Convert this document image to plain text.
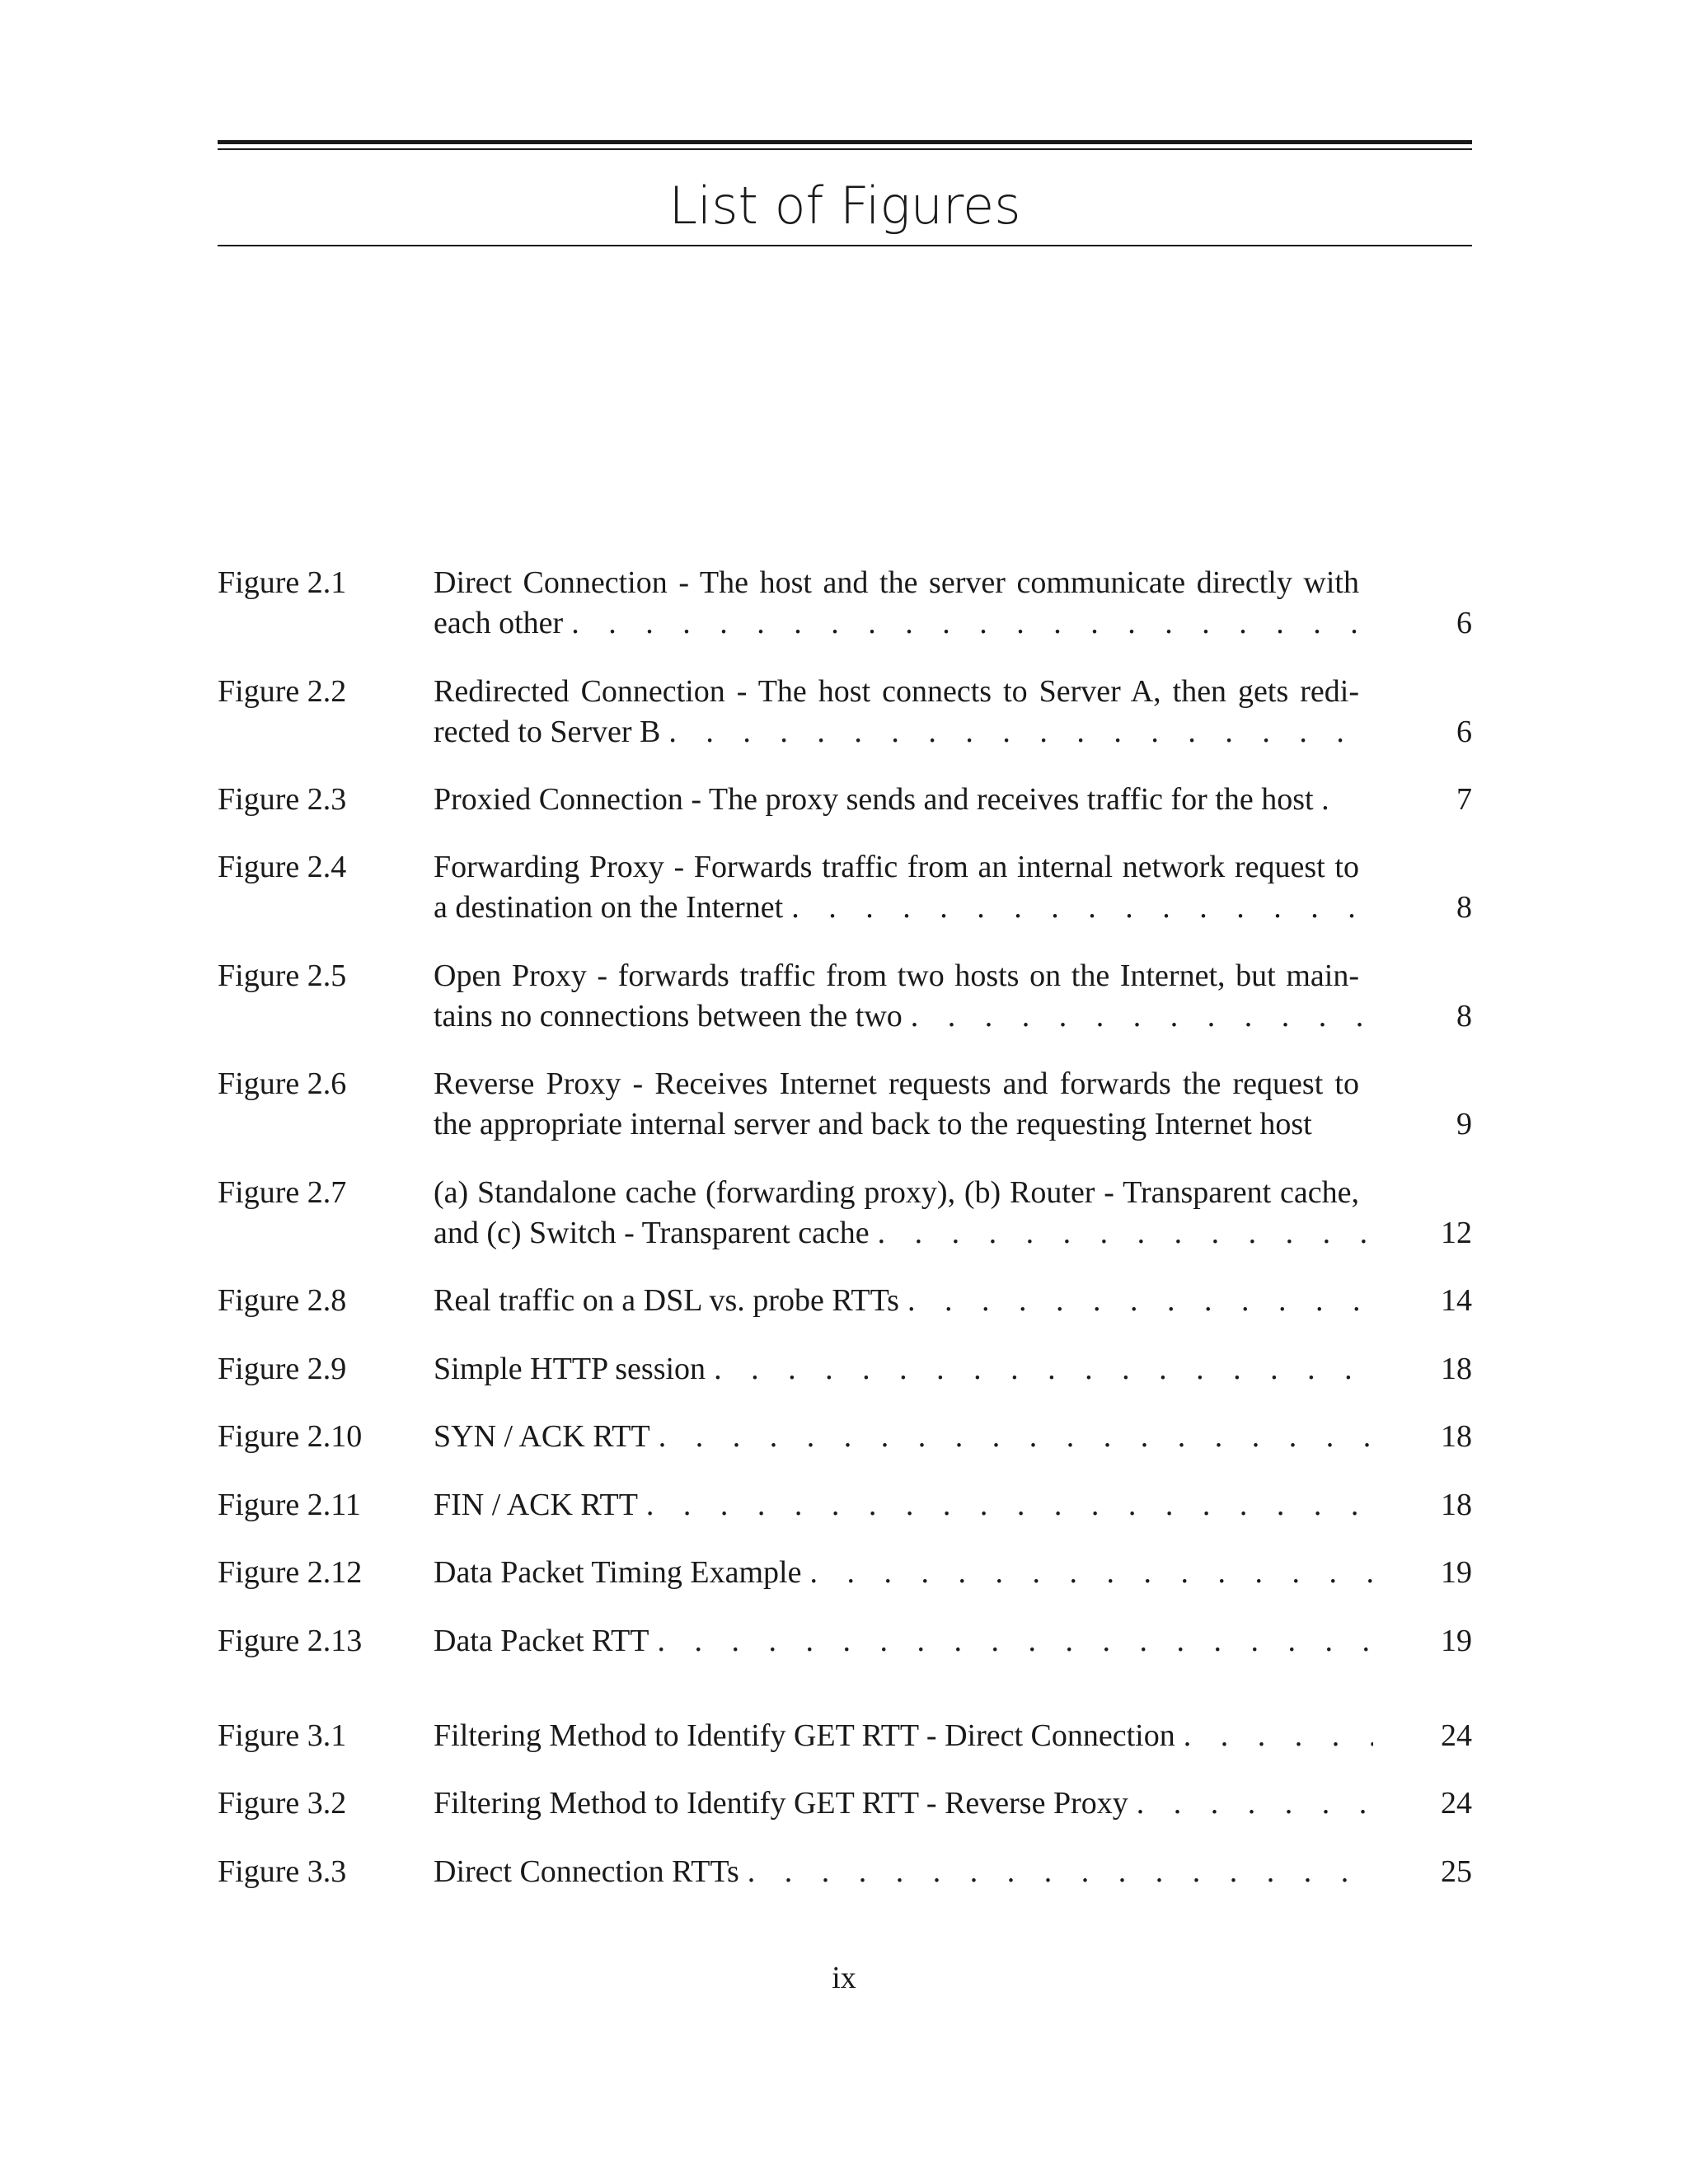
List of Figures
Figure 2.1	Direct Connection - The host and the server communicate directly with
each other . . .	6
Figure 2.2	Redirected Connection - The host connects to Server A, then gets redi-
rected to Server B . . .	6
Figure 2.3	Proxied Connection - The proxy sends and receives traffic for the host .	7
Figure 2.4	Forwarding Proxy - Forwards traffic from an internal network request to
a destination on the Internet . . .	8
Figure 2.5	Open Proxy - forwards traffic from two hosts on the Internet, but main-
tains no connections between the two . . .	8
Figure 2.6	Reverse Proxy - Receives Internet requests and forwards the request to
the appropriate internal server and back to the requesting Internet host	9
Figure 2.7	(a) Standalone cache (forwarding proxy), (b) Router - Transparent cache,
and (c) Switch - Transparent cache . . .	12
Figure 2.8	Real traffic on a DSL vs. probe RTTs . . .	14
Figure 2.9	Simple HTTP session . . .	18
Figure 2.10 SYN / ACK RTT . . .	18
Figure 2.11 FIN / ACK RTT . . .	18
Figure 2.12 Data Packet Timing Example . . .	19
Figure 2.13 Data Packet RTT . . .	19
Figure 3.1	Filtering Method to Identify GET RTT - Direct Connection . . .	24
Figure 3.2	Filtering Method to Identify GET RTT - Reverse Proxy . . .	24
Figure 3.3	Direct Connection RTTs . . .	25
ix
